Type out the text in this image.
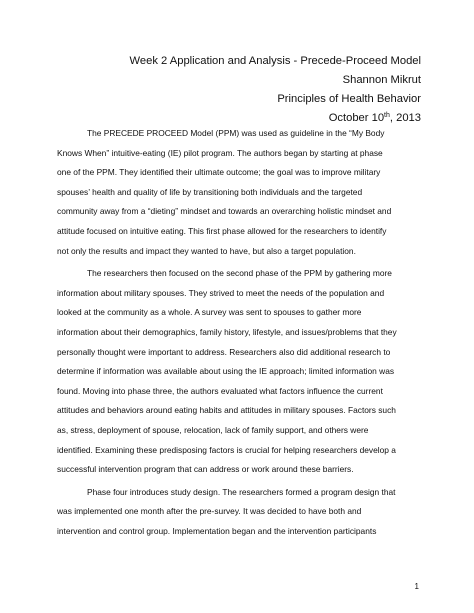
Week 2 Application and Analysis - Precede-Proceed Model
Shannon Mikrut
Principles of Health Behavior
October 10th, 2013
The PRECEDE PROCEED Model (PPM) was used as guideline in the “My Body
Knows When” intuitive-eating (IE) pilot program. The authors began by starting at phase
one of the PPM. They identified their ultimate outcome; the goal was to improve military
spouses’ health and quality of life by transitioning both individuals and the targeted
community away from a “dieting” mindset and towards an overarching holistic mindset and
attitude focused on intuitive eating. This first phase allowed for the researchers to identify
not only the results and impact they wanted to have, but also a target population.
The researchers then focused on the second phase of the PPM by gathering more
information about military spouses. They strived to meet the needs of the population and
looked at the community as a whole. A survey was sent to spouses to gather more
information about their demographics, family history, lifestyle, and issues/problems that they
personally thought were important to address. Researchers also did additional research to
determine if information was available about using the IE approach; limited information was
found. Moving into phase three, the authors evaluated what factors influence the current
attitudes and behaviors around eating habits and attitudes in military spouses. Factors such
as, stress, deployment of spouse, relocation, lack of family support, and others were
identified. Examining these predisposing factors is crucial for helping researchers develop a
successful intervention program that can address or work around these barriers.
Phase four introduces study design. The researchers formed a program design that
was implemented one month after the pre-survey. It was decided to have both and
intervention and control group. Implementation began and the intervention participants
1
